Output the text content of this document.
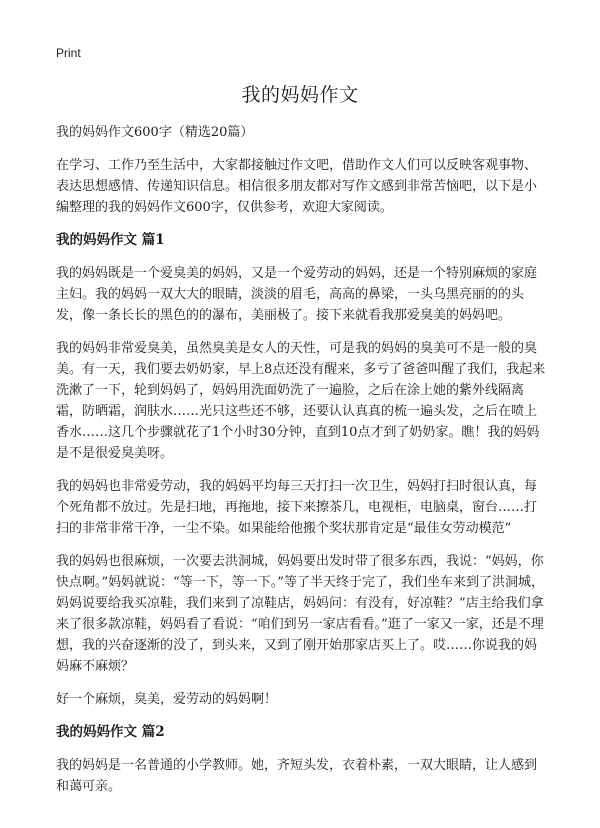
Print
我的妈妈作文

我的妈妈作文600字（精选20篇）

在学习、工作乃至生活中，大家都接触过作文吧，借助作文人们可以反映客观事物、表达思想感情、传递知识信息。相信很多朋友都对写作文感到非常苦恼吧，以下是小编整理的我的妈妈作文600字，仅供参考，欢迎大家阅读。

我的妈妈作文 篇1

我的妈妈既是一个爱臭美的妈妈，又是一个爱劳动的妈妈，还是一个特别麻烦的家庭主妇。我的妈妈一双大大的眼睛，淡淡的眉毛，高高的鼻梁，一头乌黑亮丽的的头发，像一条长长的黑色的的瀑布，美丽极了。接下来就看我那爱臭美的妈妈吧。

我的妈妈非常爱臭美，虽然臭美是女人的天性，可是我的妈妈的臭美可不是一般的臭美。有一天，我们要去奶奶家，早上8点还没有醒来，多亏了爸爸叫醒了我们，我起来洗漱了一下，轮到妈妈了，妈妈用洗面奶洗了一遍脸，之后在涂上她的紫外线隔离霜，防晒霜，润肤水……光只这些还不够，还要认认真真的梳一遍头发，之后在喷上香水……这几个步骤就花了1个小时30分钟，直到10点才到了奶奶家。瞧！我的妈妈是不是很爱臭美呀。

我的妈妈也非常爱劳动，我的妈妈平均每三天打扫一次卫生，妈妈打扫时很认真，每个死角都不放过。先是扫地，再拖地，接下来擦茶几，电视柜，电脑桌，窗台……打扫的非常非常干净，一尘不染。如果能给他搬个奖状那肯定是“最佳女劳动模范”

我的妈妈也很麻烦，一次要去洪洞城，妈妈要出发时带了很多东西，我说：“妈妈，你快点啊。”妈妈就说：“等一下，等一下。”等了半天终于完了，我们坐车来到了洪洞城，妈妈说要给我买凉鞋，我们来到了凉鞋店，妈妈问：有没有，好凉鞋？”店主给我们拿来了很多款凉鞋，妈妈看了看说：“咱们到另一家店看看。”逛了一家又一家，还是不理想，我的兴奋逐渐的没了，到头来，又到了刚开始那家店买上了。哎……你说我的妈妈麻不麻烦？

好一个麻烦，臭美，爱劳动的妈妈啊！

我的妈妈作文 篇2

我的妈妈是一名普通的小学教师。她，齐短头发，衣着朴素，一双大眼睛，让人感到和蔼可亲。
